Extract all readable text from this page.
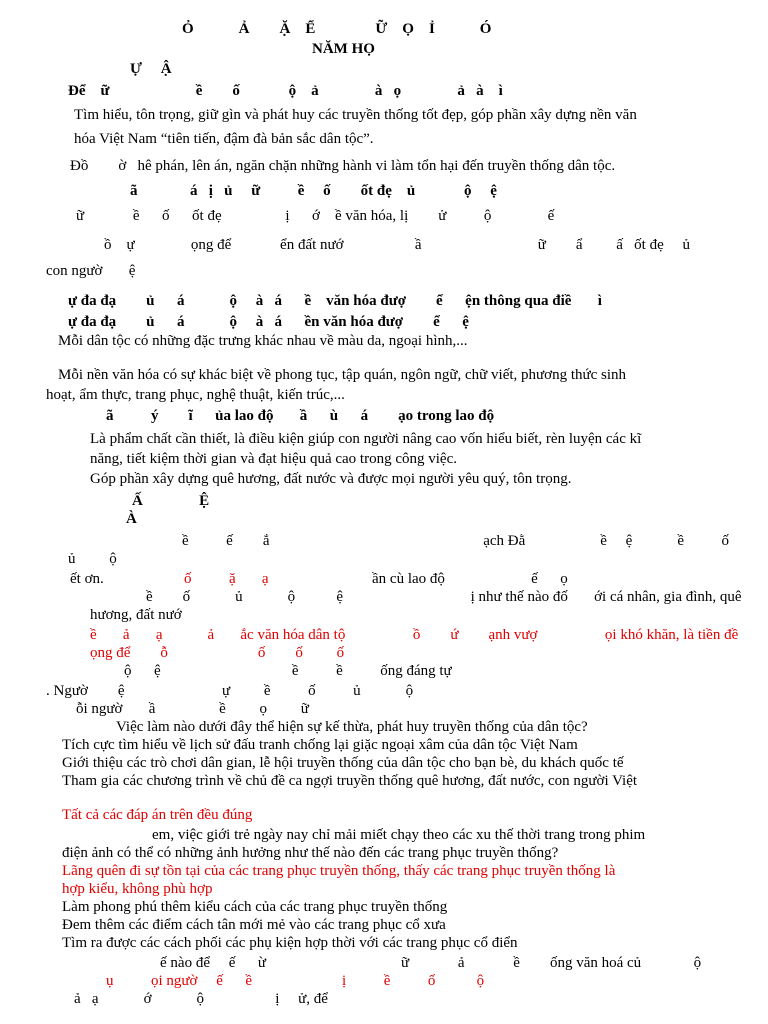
Ỏ            Ả        Ặ    Ể                Ữ    Ọ    Ỉ            Ó
NĂM HỌ
Ự     Ậ
Để    ữ                       ề        ố             ộ    ả               à   ọ               ả   à    ì
Tìm hiểu, tôn trọng, giữ gìn và phát huy các truyền thống tốt đẹp, góp phần xây dựng nền văn
hóa Việt Nam “tiên tiến, đậm đà bản sắc dân tộc”.
Đồ        ờ   hê phán, lên án, ngăn chặn những hành vi làm tổn hại đến truyền thống dân tộc.
ã              á   ị   ủ     ữ          ề     ố        ốt đẹ    ủ             ộ     ệ
ữ             ề      ố      ốt đẹ                 ị      ớ    ề văn hóa, lị        ử          ộ               ế
ồ    ự               ọng để             ển đất nướ                   ầ                               ữ        ẩ         ấ   ốt đẹ     ủ
con ngườ       ệ
ự đa đạ        ủ      á            ộ     à   á      ề    văn hóa đượ        ể      ện thông qua điề       ì
ự đa đạ        ủ      á            ộ     à   á      ền văn hóa đượ        ể      ệ
Mỗi dân tộc có những đặc trưng khác nhau về màu da, ngoại hình,...
Mỗi nền văn hóa có sự khác biệt về phong tục, tập quán, ngôn ngữ, chữ viết, phương thức sinh
hoạt, ẩm thực, trang phục, nghệ thuật, kiến trúc,...
ã          ý        ĩ      ủa lao độ       ầ      ù      á        ạo trong lao độ
Là phẩm chất cần thiết, là điều kiện giúp con người nâng cao vốn hiểu biết, rèn luyện các kĩ
năng, tiết kiệm thời gian và đạt hiệu quả cao trong công việc.
Góp phần xây dựng quê hương, đất nước và được mọi người yêu quý, tôn trọng.
Ấ               Ệ
À
ề          ế        ắ                                                         ạch Đằ                    ề     ệ            ề          ố
ủ         ộ
ết ơn.	ố          ặ       ạ	ần cù lao độ                       ế      ọ
ề        ố            ủ            ộ           ệ                                  ị như thế nào đố       ới cá nhân, gia đình, quê
hương, đất nướ
ề       ả       ạ            ả       ắc văn hóa dân tộ                  ồ        ứ        ạnh vượ                  ọi khó khăn, là tiền đề
ọng để        ỗ                        ố        ố         ố
ộ      ệ                                   ề          ề          ống đáng tự
. Ngườ        ệ                          ự         ề          ố          ủ            ộ
ỗi ngườ       ầ                 ề         ọ         ữ
Việc làm nào dưới đây thể hiện sự kế thừa, phát huy truyền thống của dân tộc?
Tích cực tìm hiểu về lịch sử đấu tranh chống lại giặc ngoại xâm của dân tộc Việt Nam
Giới thiệu các trò chơi dân gian, lễ hội truyền thống của dân tộc cho bạn bè, du khách quốc tế
Tham gia các chương trình về chủ đề ca ngợi truyền thống quê hương, đất nước, con người Việt
Tất cả các đáp án trên đều đúng
em, việc giới trẻ ngày nay chỉ mải miết chạy theo các xu thế thời trang trong phim
điện ảnh có thể có những ảnh hưởng như thế nào đến các trang phục truyền thống?
Lãng quên đi sự tồn tại của các trang phục truyền thống, thấy các trang phục truyền thống là
hợp kiểu, không phù hợp
Làm phong phú thêm kiểu cách của các trang phục truyền thống
Đem thêm các điểm cách tân mới mẻ vào các trang phục cổ xưa
Tìm ra được các cách phối các phụ kiện hợp thời với các trang phục cổ điển
ế nào để     ế      ừ                                    ữ             ả             ề        ống văn hoá củ              ộ
ụ          ọi ngườ     ế      ề                        ị          ề          ố           ộ
ả   ạ            ớ            ộ                   ị     ử, để
